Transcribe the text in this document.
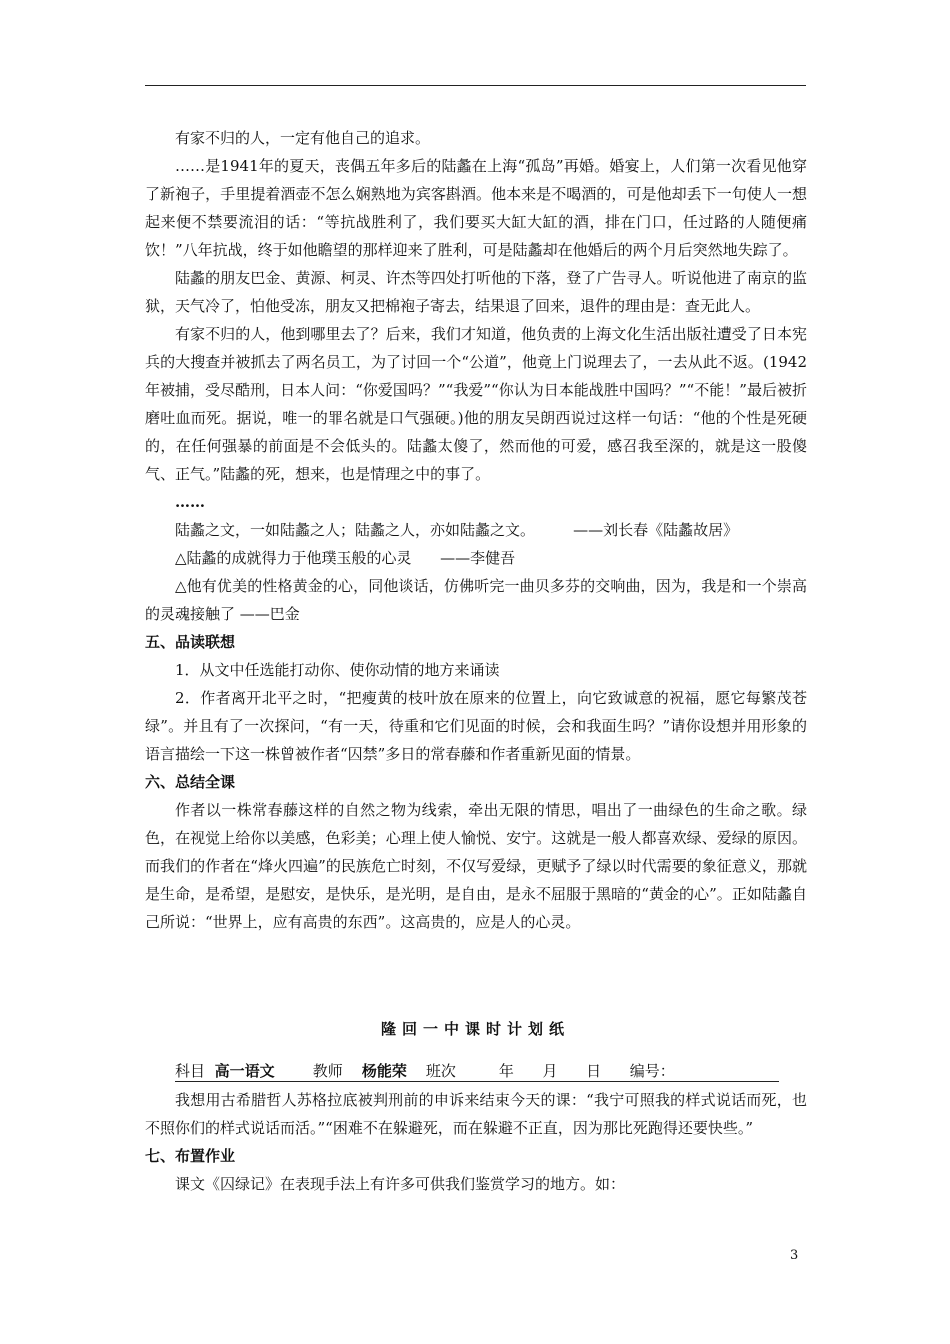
有家不归的人，一定有他自己的追求。

……是1941年的夏天，丧偶五年多后的陆蠡在上海“孤岛”再婚。婚宴上，人们第一次看见他穿了新袍子，手里提着酒壶不怎么娴熟地为宾客斟酒。他本来是不喝酒的，可是他却丢下一句使人一想起来便不禁要流泪的话：“等抗战胜利了，我们要买大缸大缸的酒，排在门口，任过路的人随便痛饮！”八年抗战，终于如他瞻望的那样迎来了胜利，可是陆蠡却在他婚后的两个月后突然地失踪了。

陆蠡的朋友巴金、黄源、柯灵、许杰等四处打听他的下落，登了广告寻人。听说他进了南京的监狱，天气冷了，怕他受冻，朋友又把棉袍子寄去，结果退了回来，退件的理由是：查无此人。

有家不归的人，他到哪里去了？后来，我们才知道，他负责的上海文化生活出版社遭受了日本宪兵的大搜查并被抓去了两名员工，为了讨回一个“公道”，他竟上门说理去了，一去从此不返。(1942年被捕，受尽酷刑，日本人问：“你爱国吗？”“我爱”“你认为日本能战胜中国吗？”“不能！”最后被折磨吐血而死。据说，唯一的罪名就是口气强硬。)他的朋友吴朗西说过这样一句话：“他的个性是死硬的，在任何强暴的前面是不会低头的。陆蠡太傻了，然而他的可爱，感召我至深的，就是这一股傻气、正气。”陆蠡的死，想来，也是情理之中的事了。

……

陆蠡之文，一如陆蠡之人；陆蠡之人，亦如陆蠡之文。        ——刘长春《陆蠡故居》

△陆蠡的成就得力于他璞玉般的心灵      ——李健吾

△他有优美的性格黄金的心，同他谈话，仿佛听完一曲贝多芬的交响曲，因为，我是和一个崇高的灵魂接触了 ——巴金

五、品读联想

1．从文中任选能打动你、使你动情的地方来诵读

2．作者离开北平之时，“把瘦黄的枝叶放在原来的位置上，向它致诚意的祝福，愿它每繁茂苍绿”。并且有了一次探问，“有一天，待重和它们见面的时候，会和我面生吗？”请你设想并用形象的语言描绘一下这一株曾被作者“囚禁”多日的常春藤和作者重新见面的情景。

六、总结全课

作者以一株常春藤这样的自然之物为线索，牵出无限的情思，唱出了一曲绿色的生命之歌。绿色，在视觉上给你以美感，色彩美；心理上使人愉悦、安宁。这就是一般人都喜欢绿、爱绿的原因。而我们的作者在“烽火四遍”的民族危亡时刻，不仅写爱绿，更赋予了绿以时代需要的象征意义，那就是生命，是希望，是慰安，是快乐，是光明，是自由，是永不屈服于黑暗的“黄金的心”。正如陆蠡自己所说：“世界上，应有高贵的东西”。这高贵的，应是人的心灵。

隆回一中课时计划纸
科目 高一语文	教师 杨能荣 班次	年 月 日 编号：

我想用古希腊哲人苏格拉底被判刑前的申诉来结束今天的课：“我宁可照我的样式说话而死，也不照你们的样式说话而活。”“困难不在躲避死，而在躲避不正直，因为那比死跑得还要快些。”

七、布置作业

课文《囚绿记》在表现手法上有许多可供我们鉴赏学习的地方。如：

3
